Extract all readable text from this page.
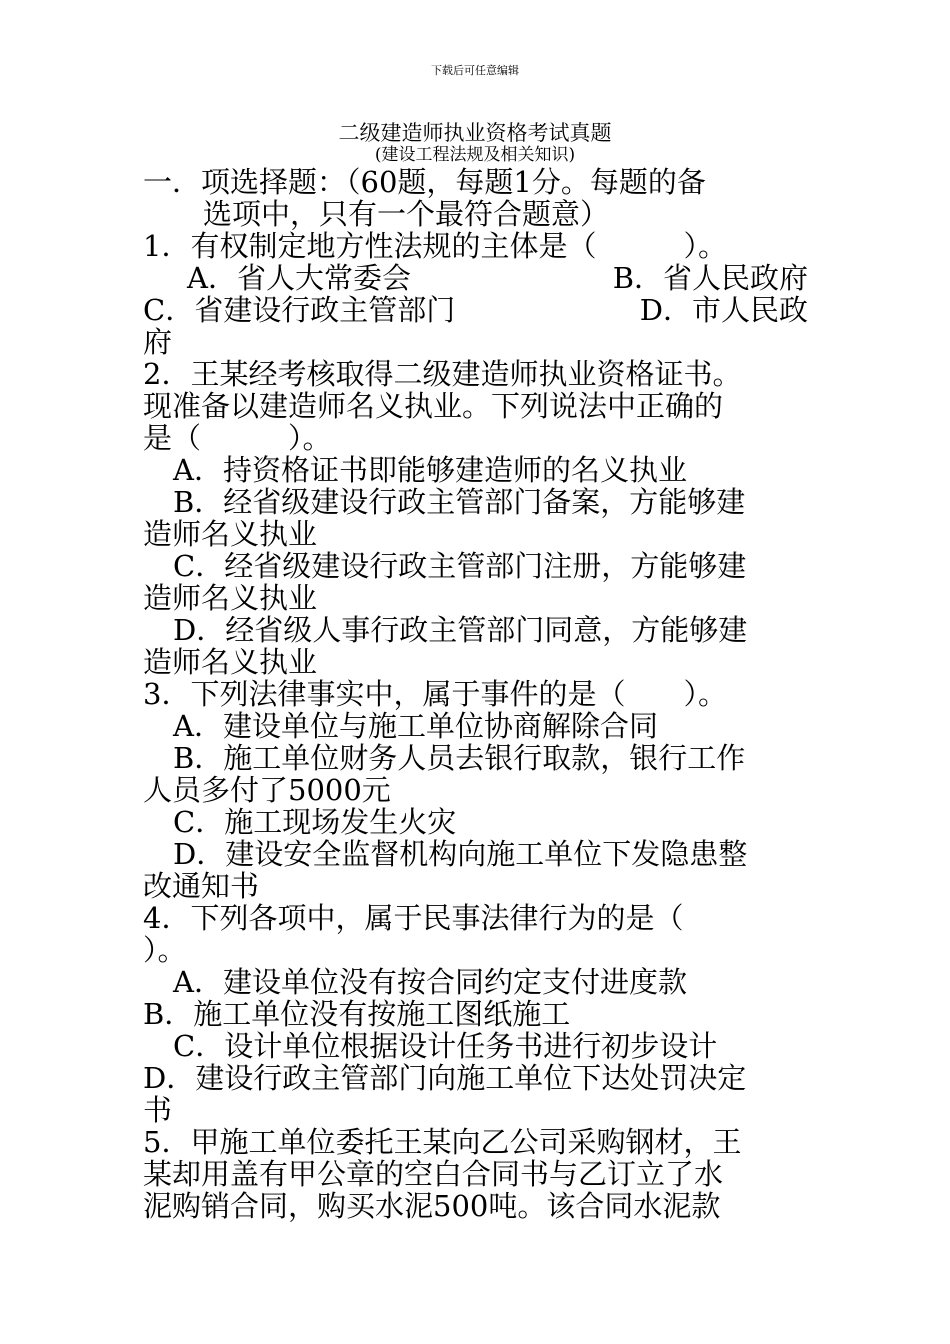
下载后可任意编辑
二级建造师执业资格考试真题
(建设工程法规及相关知识)
一．项选择题：（60题，每题1分。每题的备
选项中，只有一个最符合题意）
1．有权制定地方性法规的主体是（　　　）。
A．省人大常委会	B．省人民政府
C．省建设行政主管部门	D．市人民政
府
2．王某经考核取得二级建造师执业资格证书。
现准备以建造师名义执业。下列说法中正确的
是（　　　）。
A．持资格证书即能够建造师的名义执业
B．经省级建设行政主管部门备案，方能够建
造师名义执业
C．经省级建设行政主管部门注册，方能够建
造师名义执业
D．经省级人事行政主管部门同意，方能够建
造师名义执业
3．下列法律事实中，属于事件的是（　　）。
A．建设单位与施工单位协商解除合同
B．施工单位财务人员去银行取款，银行工作
人员多付了5000元
C．施工现场发生火灾
D．建设安全监督机构向施工单位下发隐患整
改通知书
4．下列各项中，属于民事法律行为的是（
）。
A．建设单位没有按合同约定支付进度款
B．施工单位没有按施工图纸施工
C．设计单位根据设计任务书进行初步设计
D．建设行政主管部门向施工单位下达处罚决定
书
5．甲施工单位委托王某向乙公司采购钢材，王
某却用盖有甲公章的空白合同书与乙订立了水
泥购销合同，购买水泥500吨。该合同水泥款
